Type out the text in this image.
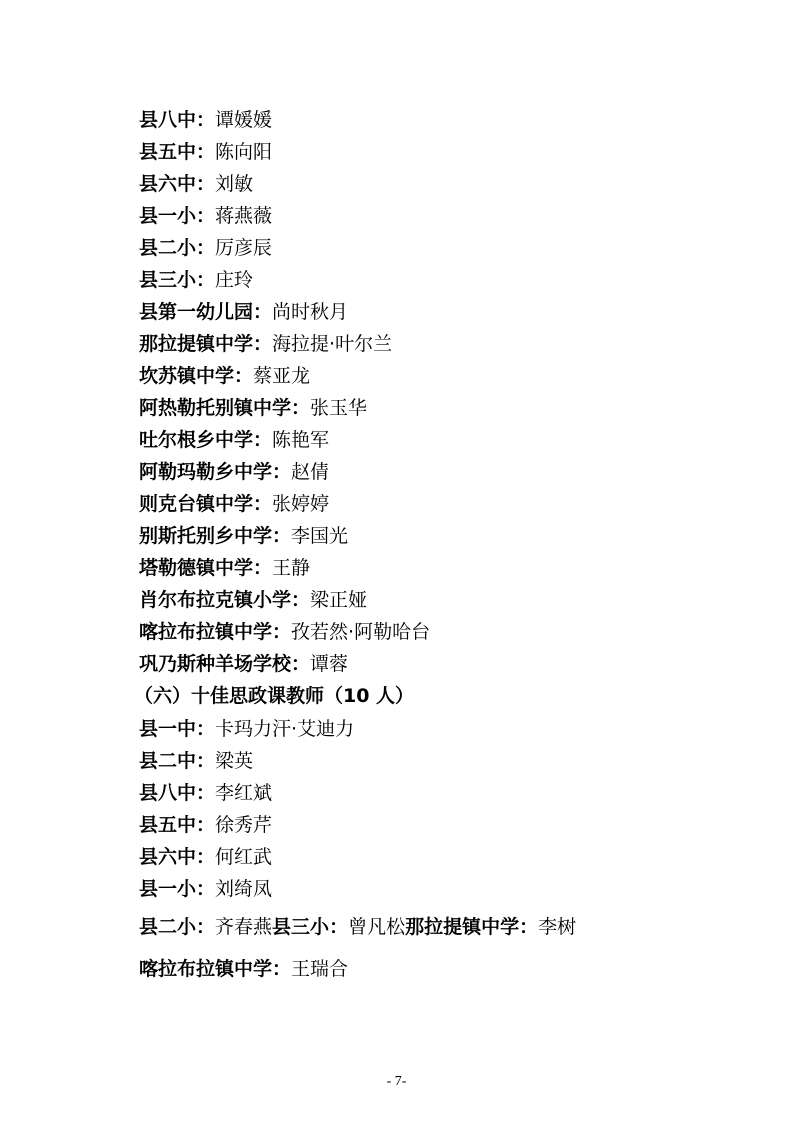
县八中：谭媛媛
县五中：陈向阳
县六中：刘敏
县一小：蒋燕薇
县二小：厉彦辰
县三小：庄玲
县第一幼儿园：尚时秋月
那拉提镇中学：海拉提·叶尔兰
坎苏镇中学：蔡亚龙
阿热勒托别镇中学：张玉华
吐尔根乡中学：陈艳军
阿勒玛勒乡中学：赵倩
则克台镇中学：张婷婷
别斯托别乡中学：李国光
塔勒德镇中学：王静
肖尔布拉克镇小学：梁正娅
喀拉布拉镇中学：孜若然·阿勒哈台
巩乃斯种羊场学校：谭蓉
（六）十佳思政课教师（10 人）
县一中：卡玛力汗·艾迪力
县二中：梁英
县八中：李红斌
县五中：徐秀芹
县六中：何红武
县一小：刘绮凤
县二小：齐春燕县三小：曾凡松那拉提镇中学：李树
喀拉布拉镇中学：王瑞合
- 7-
